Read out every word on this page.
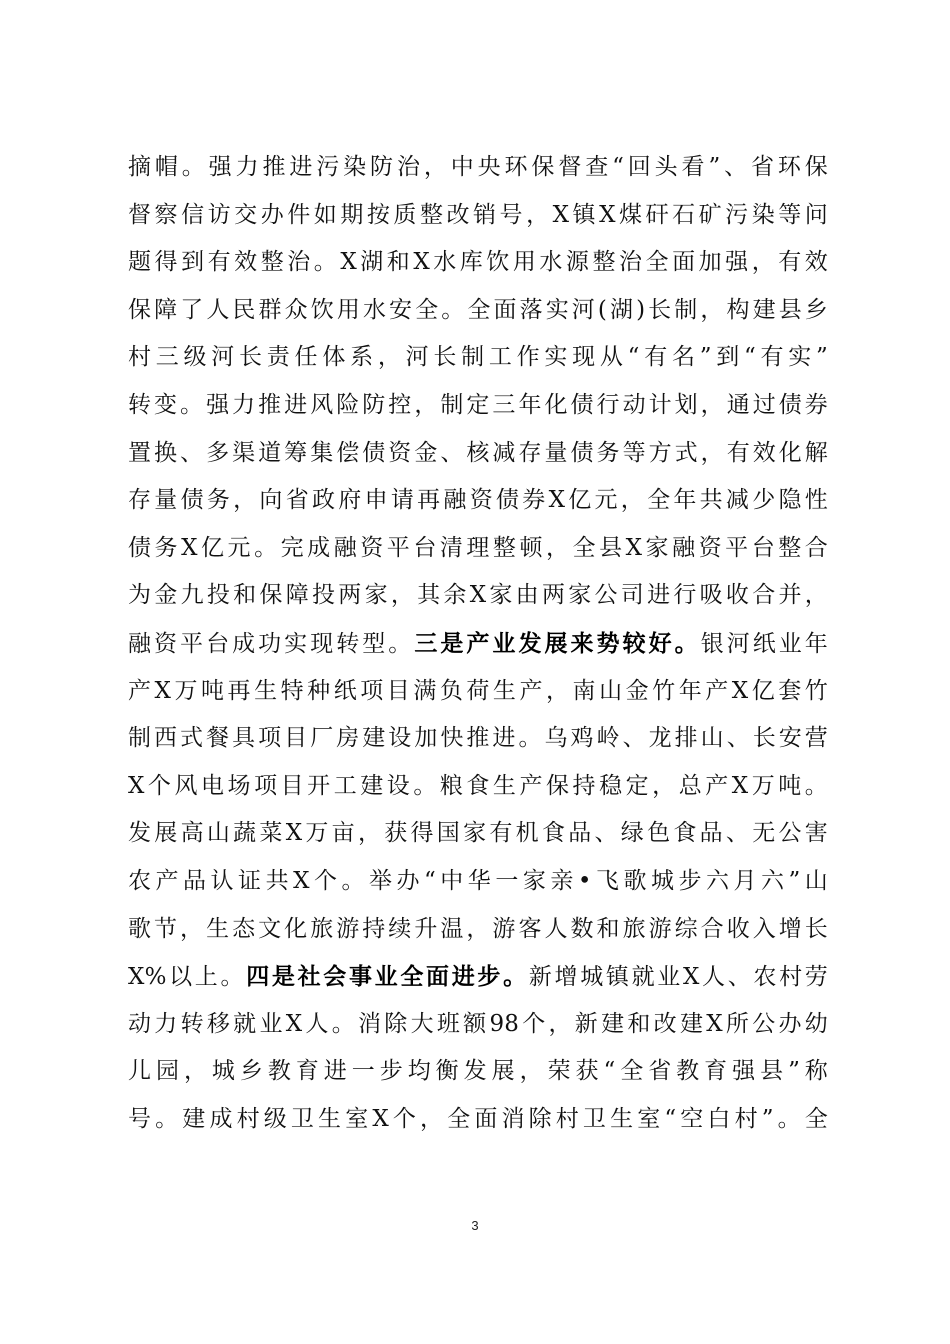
摘帽。强力推进污染防治，中央环保督查“回头看”、省环保
督察信访交办件如期按质整改销号，X镇X煤矸石矿污染等问
题得到有效整治。X湖和X水库饮用水源整治全面加强，有效
保障了人民群众饮用水安全。全面落实河(湖)长制，构建县乡
村三级河长责任体系，河长制工作实现从“有名”到“有实”
转变。强力推进风险防控，制定三年化债行动计划，通过债券
置换、多渠道筹集偿债资金、核减存量债务等方式，有效化解
存量债务，向省政府申请再融资债券X亿元，全年共减少隐性
债务X亿元。完成融资平台清理整顿，全县X家融资平台整合
为金九投和保障投两家，其余X家由两家公司进行吸收合并，
融资平台成功实现转型。三是产业发展来势较好。银河纸业年
产X万吨再生特种纸项目满负荷生产，南山金竹年产X亿套竹
制西式餐具项目厂房建设加快推进。乌鸡岭、龙排山、长安营
X个风电场项目开工建设。粮食生产保持稳定，总产X万吨。
发展高山蔬菜X万亩，获得国家有机食品、绿色食品、无公害
农产品认证共X个。举办“中华一家亲•飞歌城步六月六”山
歌节，生态文化旅游持续升温，游客人数和旅游综合收入增长
X%以上。四是社会事业全面进步。新增城镇就业X人、农村劳
动力转移就业X人。消除大班额98个，新建和改建X所公办幼
儿园，城乡教育进一步均衡发展，荣获“全省教育强县”称
号。建成村级卫生室X个，全面消除村卫生室“空白村”。全
3
